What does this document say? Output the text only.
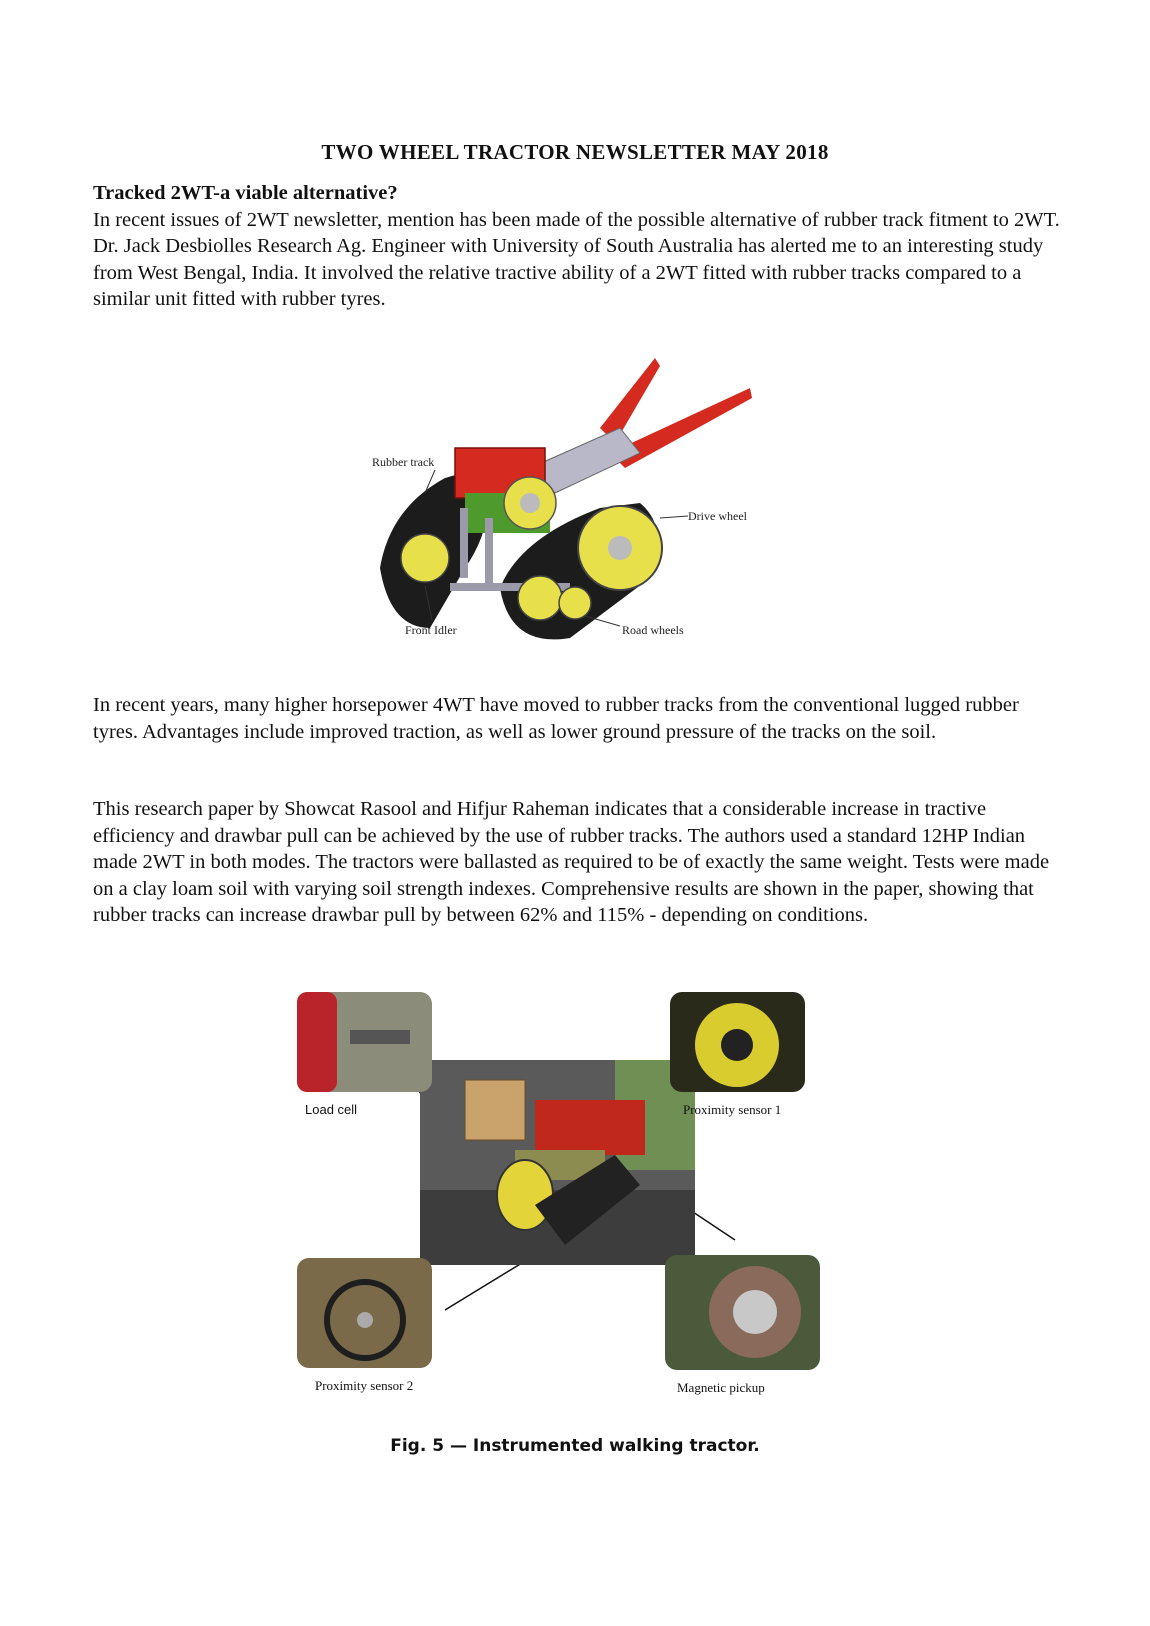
TWO WHEEL TRACTOR NEWSLETTER MAY 2018
Tracked 2WT-a viable alternative?

In recent issues of 2WT newsletter, mention has been made of the possible alternative of rubber track fitment to 2WT. Dr. Jack Desbiolles Research Ag. Engineer with University of South Australia has alerted me to an interesting study from West Bengal, India. It involved the relative tractive ability of a 2WT fitted with rubber tracks compared to a similar unit fitted with rubber tyres.

Rubber track
Drive wheel
Front Idler	Road wheels

In recent years, many higher horsepower 4WT have moved to rubber tracks from the conventional lugged rubber tyres. Advantages include improved traction, as well as lower ground pressure of the tracks on the soil.

This research paper by Showcat Rasool and Hifjur Raheman indicates that a considerable increase in tractive efficiency and drawbar pull can be achieved by the use of rubber tracks. The authors used a standard 12HP Indian made 2WT in both modes. The tractors were ballasted as required to be of exactly the same weight. Tests were made on a clay loam soil with varying soil strength indexes. Comprehensive results are shown in the paper, showing that rubber tracks can increase drawbar pull by between 62% and 115% - depending on conditions.

Load cell	Proximity sensor 1
Proximity sensor 2	Magnetic pickup
Fig. 5 — Instrumented walking tractor.
